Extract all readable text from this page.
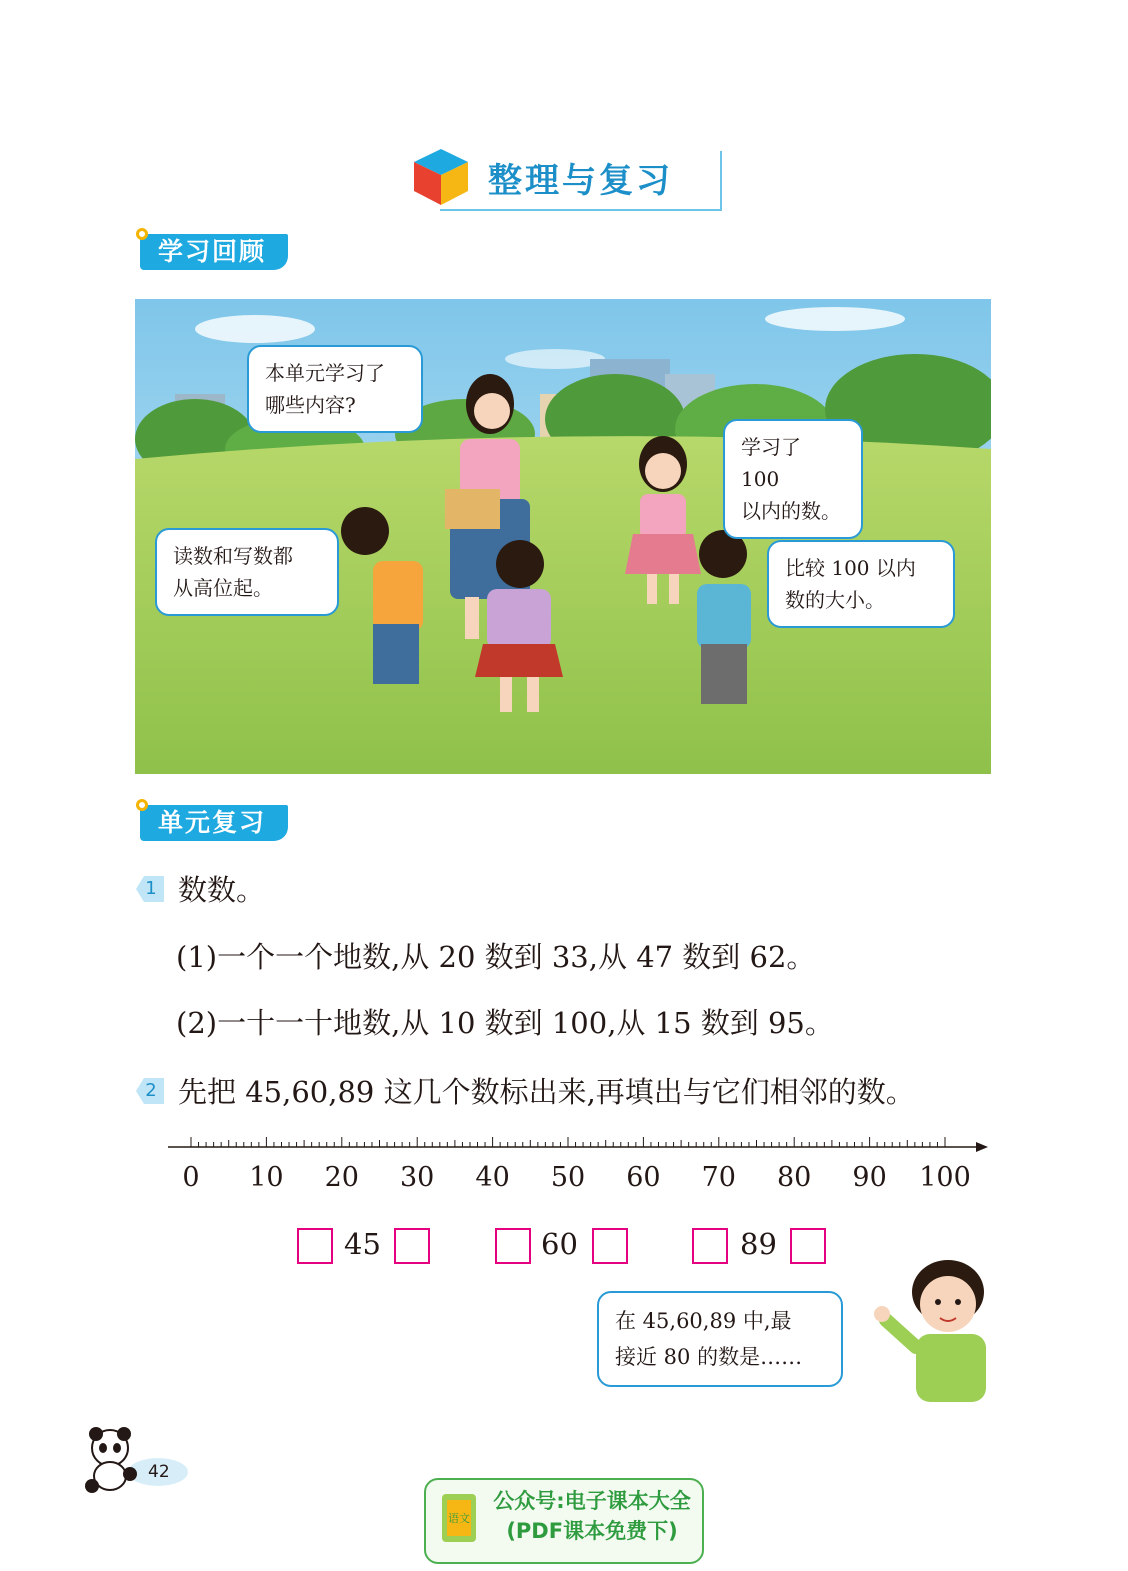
整理与复习
学习回顾
本单元学习了
哪些内容?
学习了 100
以内的数。
读数和写数都
从高位起。
比较 100 以内
数的大小。
单元复习
1 数数。
(1)一个一个地数,从 20 数到 33,从 47 数到 62。
(2)一十一十地数,从 10 数到 100,从 15 数到 95。
2 先把 45,60,89 这几个数标出来,再填出与它们相邻的数。
0	10	20	30	40	50	60	70	80	90	100
45	60	89
在 45,60,89 中,最
接近 80 的数是……
42
语文
公众号:电子课本大全
(PDF课本免费下)
